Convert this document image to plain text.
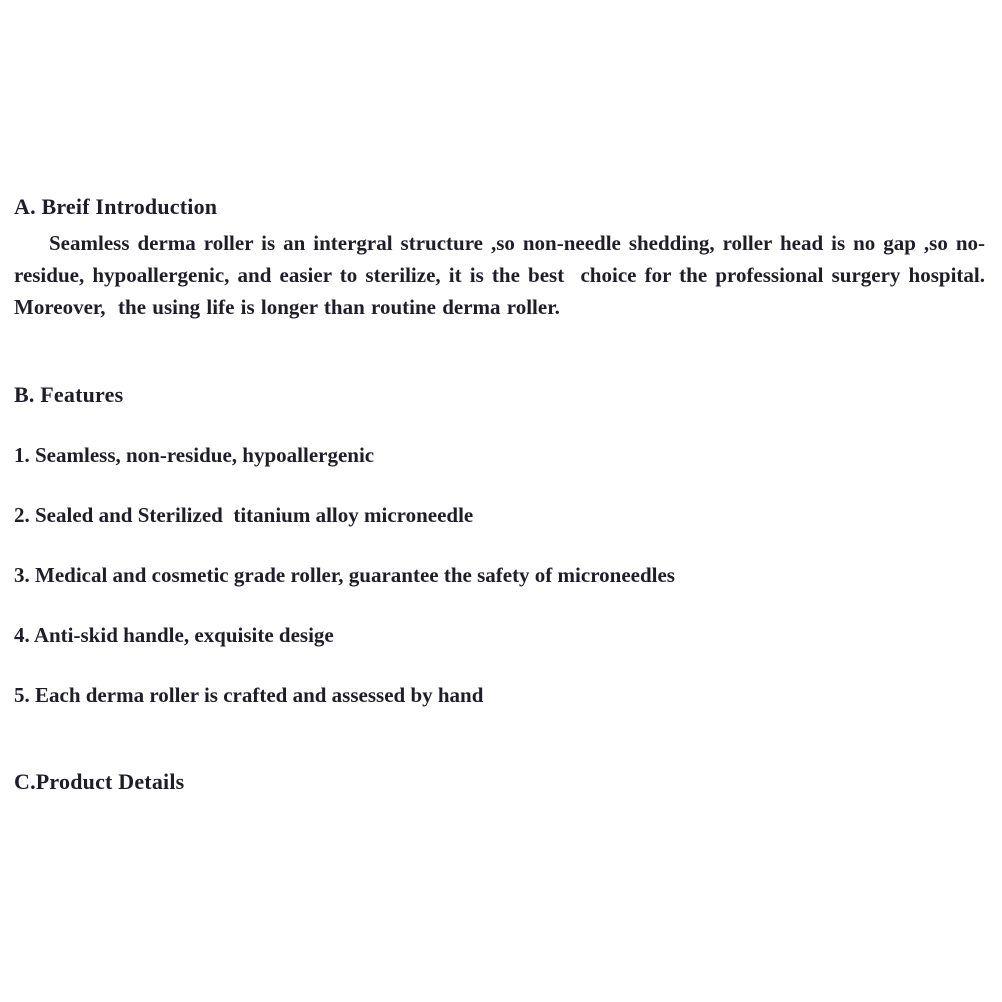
A. Breif Introduction

Seamless derma roller is an intergral structure ,so non-needle shedding, roller head is no gap ,so no-residue, hypoallergenic, and easier to sterilize, it is the best  choice for the professional surgery hospital. Moreover,  the using life is longer than routine derma roller.

B. Features
1. Seamless, non-residue, hypoallergenic
2. Sealed and Sterilized  titanium alloy microneedle
3. Medical and cosmetic grade roller, guarantee the safety of microneedles
4. Anti-skid handle, exquisite desige
5. Each derma roller is crafted and assessed by hand
C.Product Details
